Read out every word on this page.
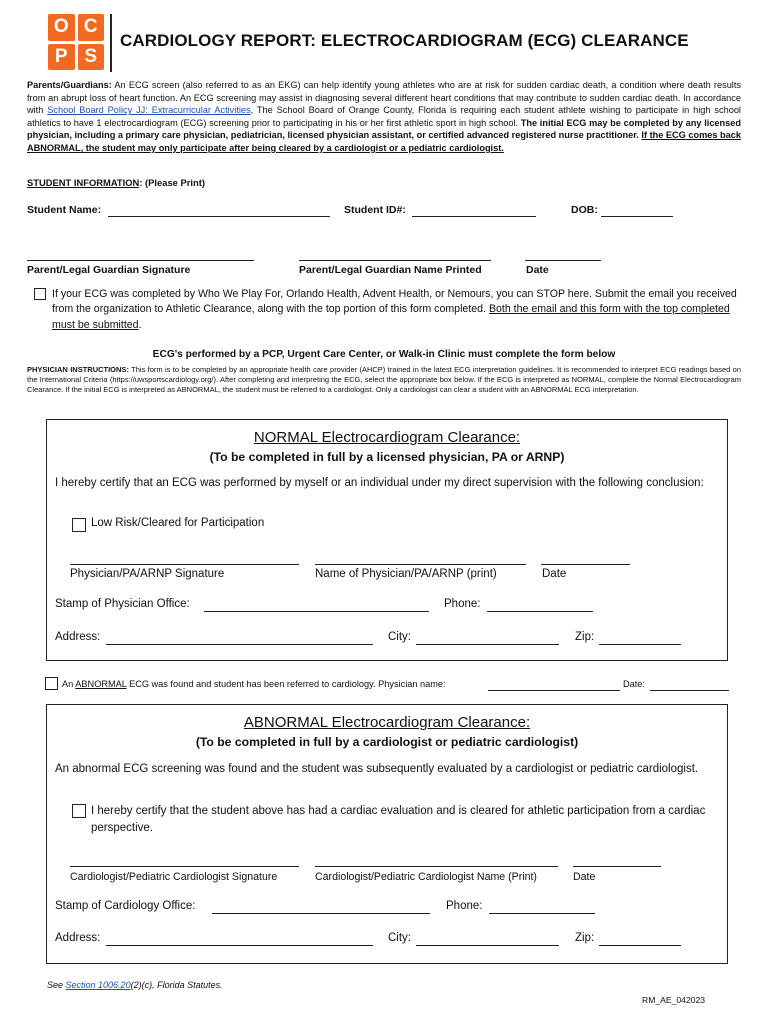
O C
P S
CARDIOLOGY REPORT: ELECTROCARDIOGRAM (ECG) CLEARANCE
Parents/Guardians: An ECG screen (also referred to as an EKG) can help identify young athletes who are at risk for sudden cardiac death, a condition where death results from an abrupt loss of heart function. An ECG screening may assist in diagnosing several different heart conditions that may contribute to sudden cardiac death. In accordance with School Board Policy JJ: Extracurricular Activities, The School Board of Orange County, Florida is requiring each student athlete wishing to participate in high school athletics to have 1 electrocardiogram (ECG) screening prior to participating in his or her first athletic sport in high school. The initial ECG may be completed by any licensed physician, including a primary care physician, pediatrician, licensed physician assistant, or certified advanced registered nurse practitioner. If the ECG comes back ABNORMAL, the student may only participate after being cleared by a cardiologist or a pediatric cardiologist.
STUDENT INFORMATION: (Please Print)
Student Name:	Student ID#:	DOB:
Parent/Legal Guardian Signature	Parent/Legal Guardian Name Printed	Date
If your ECG was completed by Who We Play For, Orlando Health, Advent Health, or Nemours, you can STOP here. Submit the email you received from the organization to Athletic Clearance, along with the top portion of this form completed. Both the email and this form with the top completed must be submitted.
ECG's performed by a PCP, Urgent Care Center, or Walk-in Clinic must complete the form below
PHYSICIAN INSTRUCTIONS: This form is to be completed by an appropriate health care provider (AHCP) trained in the latest ECG interpretation guidelines. It is recommended to interpret ECG readings based on the International Criteria (https://uwsportscardiology.org/). After completing and interpreting the ECG, select the appropriate box below. If the ECG is interpreted as NORMAL, complete the Normal Electrocardiogram Clearance. If the initial ECG is interpreted as ABNORMAL, the student must be referred to a cardiologist. Only a cardiologist can clear a student with an ABNORMAL ECG interpretation.
NORMAL Electrocardiogram Clearance:
(To be completed in full by a licensed physician, PA or ARNP)
I hereby certify that an ECG was performed by myself or an individual under my direct supervision with the following conclusion:
Low Risk/Cleared for Participation
Physician/PA/ARNP Signature	Name of Physician/PA/ARNP (print)	Date
Stamp of Physician Office:	Phone:
Address:	City:	Zip:
An ABNORMAL ECG was found and student has been referred to cardiology. Physician name:	Date:
ABNORMAL Electrocardiogram Clearance:
(To be completed in full by a cardiologist or pediatric cardiologist)
An abnormal ECG screening was found and the student was subsequently evaluated by a cardiologist or pediatric cardiologist.
I hereby certify that the student above has had a cardiac evaluation and is cleared for athletic participation from a cardiac perspective.
Cardiologist/Pediatric Cardiologist Signature	Cardiologist/Pediatric Cardiologist Name (Print)	Date
Stamp of Cardiology Office:	Phone:
Address:	City:	Zip:
See Section 1006.20(2)(c), Florida Statutes.
RM_AE_042023
